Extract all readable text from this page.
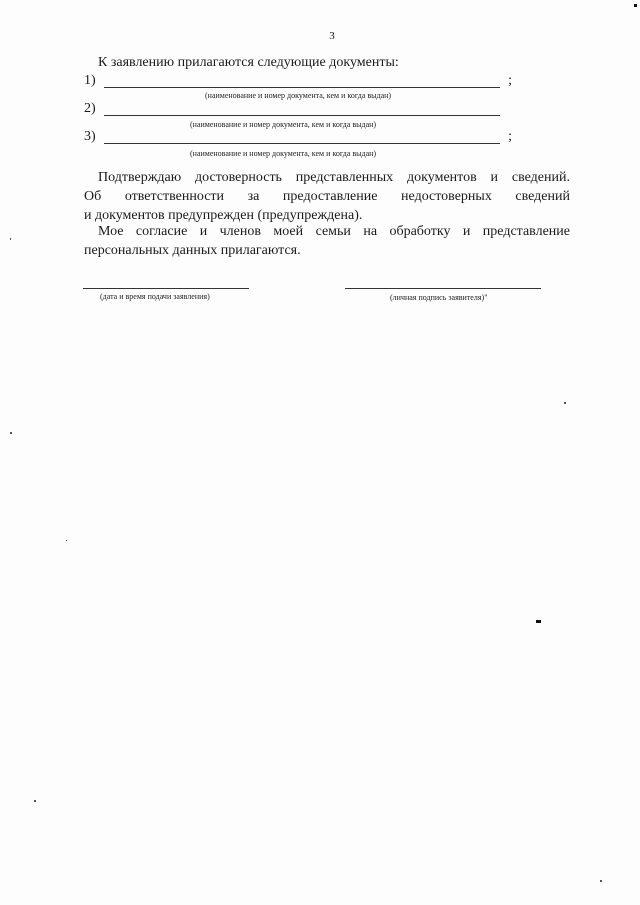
3
К заявлению прилагаются следующие документы:
1)	;
(наименование и номер документа, кем и когда выдан)
2)
(наименование и номер документа, кем и когда выдан)
3)	;
(наименование и номер документа, кем и когда выдан)

Подтверждаю достоверность представленных документов и сведений.

Об ответственности за предоставление недостоверных сведений

и документов предупрежден (предупреждена).

Мое согласие и членов моей семьи на обработку и представление

персональных данных прилагаются.

(дата и время подачи заявления)	(личная подпись заявителя)"
